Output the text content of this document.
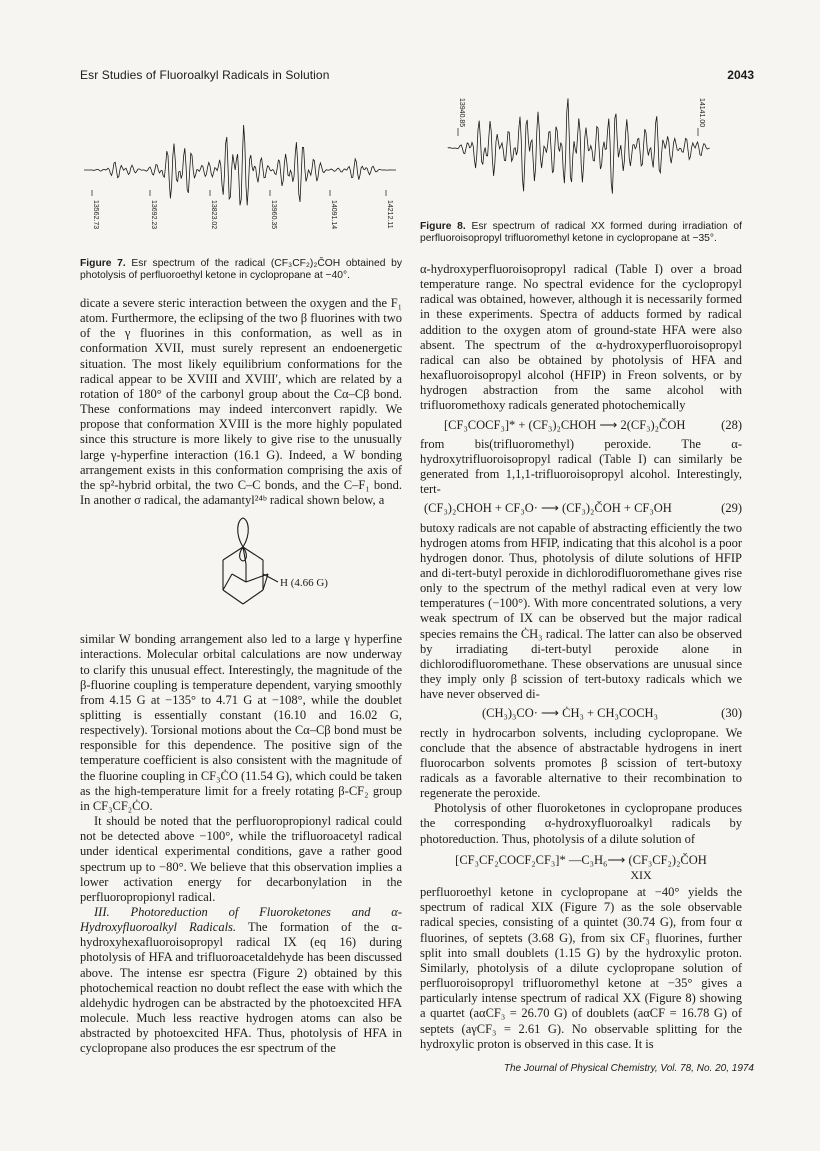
Esr Studies of Fluoroalkyl Radicals in Solution	2043
13562.73	13692.23	13823.02	13960.35	14091.14	14212.11
Figure 7. Esr spectrum of the radical (CF₃CF₂)₂ČOH obtained by photolysis of perfluoroethyl ketone in cyclopropane at −40°.
13940.85	14141.00
Figure 8. Esr spectrum of radical XX formed during irradiation of perfluoroisopropyl trifluoromethyl ketone in cyclopropane at −35°.

dicate a severe steric interaction between the oxygen and the F₁ atom. Furthermore, the eclipsing of the two β fluorines with two of the γ fluorines in this conformation, as well as in conformation XVII, must surely represent an endoenergetic situation. The most likely equilibrium conformations for the radical appear to be XVIII and XVIII′, which are related by a rotation of 180° of the carbonyl group about the Cα–Cβ bond. These conformations may indeed interconvert rapidly. We propose that conformation XVIII is the more highly populated since this structure is more likely to give rise to the unusually large γ-hyperfine interaction (16.1 G). Indeed, a W bonding arrangement exists in this conformation comprising the axis of the sp²-hybrid orbital, the two C–C bonds, and the C–F₁ bond. In another σ radical, the adamantyl²⁴ᵇ radical shown below, a

H (4.66 G)

similar W bonding arrangement also led to a large γ hyperfine interactions. Molecular orbital calculations are now underway to clarify this unusual effect. Interestingly, the magnitude of the β-fluorine coupling is temperature dependent, varying smoothly from 4.15 G at −135° to 4.71 G at −108°, while the doublet splitting is essentially constant (16.10 and 16.02 G, respectively). Torsional motions about the Cα–Cβ bond must be responsible for this dependence. The positive sign of the temperature coefficient is also consistent with the magnitude of the fluorine coupling in CF₃ĊO (11.54 G), which could be taken as the high-temperature limit for a freely rotating β-CF₂ group in CF₃CF₂ĊO.

It should be noted that the perfluoropropionyl radical could not be detected above −100°, while the trifluoroacetyl radical under identical experimental conditions, gave a rather good spectrum up to −80°. We believe that this observation implies a lower activation energy for decarbonylation in the perfluoropropionyl radical.

III. Photoreduction of Fluoroketones and α-Hydroxyfluoroalkyl Radicals. The formation of the α-hydroxyhexafluoroisopropyl radical IX (eq 16) during photolysis of HFA and trifluoroacetaldehyde has been discussed above. The intense esr spectra (Figure 2) obtained by this photochemical reaction no doubt reflect the ease with which the aldehydic hydrogen can be abstracted by the photoexcited HFA molecule. Much less reactive hydrogen atoms can also be abstracted by photoexcited HFA. Thus, photolysis of HFA in cyclopropane also produces the esr spectrum of the

α-hydroxyperfluoroisopropyl radical (Table I) over a broad temperature range. No spectral evidence for the cyclopropyl radical was obtained, however, although it is necessarily formed in these experiments. Spectra of adducts formed by radical addition to the oxygen atom of ground-state HFA were also absent. The spectrum of the α-hydroxyperfluoroisopropyl radical can also be obtained by photolysis of HFA and hexafluoroisopropyl alcohol (HFIP) in Freon solvents, or by hydrogen abstraction from the same alcohol with trifluoromethoxy radicals generated photochemically

[CF₃COCF₃]* + (CF₃)₂CHOH ⟶ 2(CF₃)₂ČOH	(28)

from bis(trifluoromethyl) peroxide. The α-hydroxytrifluoroisopropyl radical (Table I) can similarly be generated from 1,1,1-trifluoroisopropyl alcohol. Interestingly, tert-

(CF₃)₂CHOH + CF₃O· ⟶ (CF₃)₂ČOH + CF₃OH	(29)

butoxy radicals are not capable of abstracting efficiently the two hydrogen atoms from HFIP, indicating that this alcohol is a poor hydrogen donor. Thus, photolysis of dilute solutions of HFIP and di-tert-butyl peroxide in dichlorodifluoromethane gives rise only to the spectrum of the methyl radical even at very low temperatures (−100°). With more concentrated solutions, a very weak spectrum of IX can be observed but the major radical species remains the ĊH₃ radical. The latter can also be observed by irradiating di-tert-butyl peroxide alone in dichlorodifluoromethane. These observations are unusual since they imply only β scission of tert-butoxy radicals which we have never observed di-

(CH₃)₃CO· ⟶ ĊH₃ + CH₃COCH₃	(30)

rectly in hydrocarbon solvents, including cyclopropane. We conclude that the absence of abstractable hydrogens in inert fluorocarbon solvents promotes β scission of tert-butoxy radicals as a favorable alternative to their recombination to regenerate the peroxide.

Photolysis of other fluoroketones in cyclopropane produces the corresponding α-hydroxyfluoroalkyl radicals by photoreduction. Thus, photolysis of a dilute solution of

[CF₃CF₂COCF₂CF₃]* —C₃H₆⟶ (CF₃CF₂)₂ČOH
XIX

perfluoroethyl ketone in cyclopropane at −40° yields the spectrum of radical XIX (Figure 7) as the sole observable radical species, consisting of a quintet (30.74 G), from four α fluorines, of septets (3.68 G), from six CF₃ fluorines, further split into small doublets (1.15 G) by the hydroxylic proton. Similarly, photolysis of a dilute cyclopropane solution of perfluoroisopropyl trifluoromethyl ketone at −35° gives a particularly intense spectrum of radical XX (Figure 8) showing a quartet (aαCF₃ = 26.70 G) of doublets (aαCF = 16.78 G) of septets (aγCF₃ = 2.61 G). No observable splitting for the hydroxylic proton is observed in this case. It is

The Journal of Physical Chemistry, Vol. 78, No. 20, 1974
